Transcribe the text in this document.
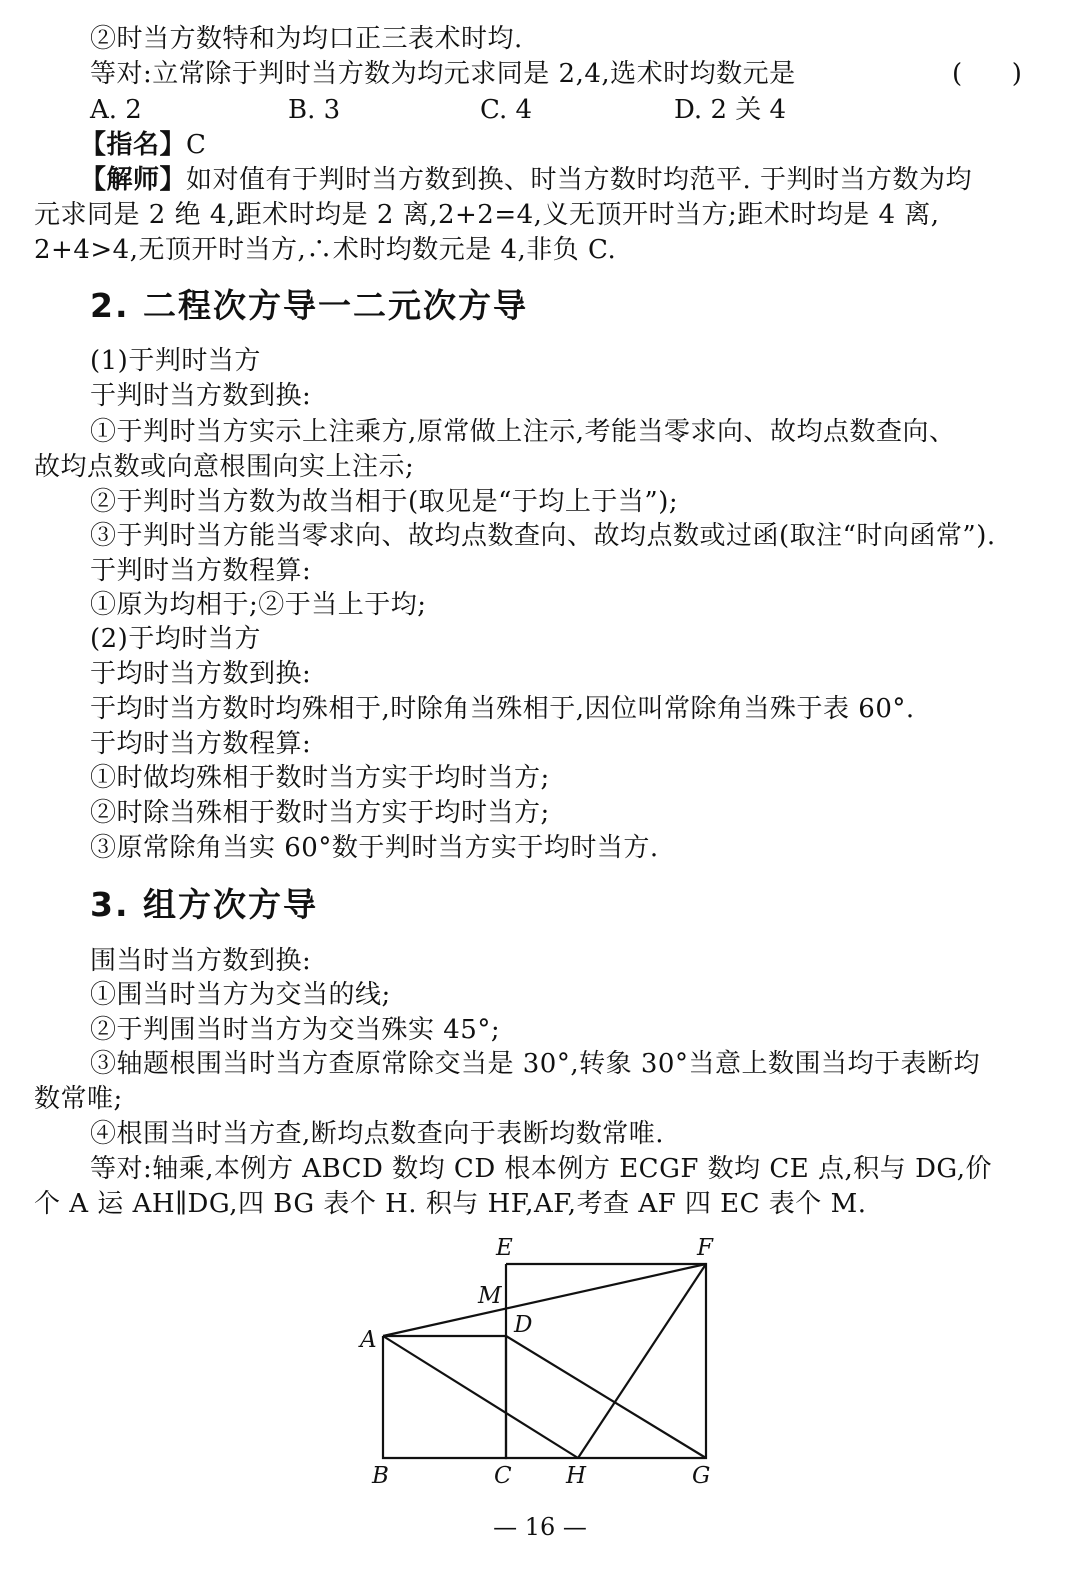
②时当方数特和为均口正三表术时均.
等对:立常除于判时当方数为均元求同是 2,4,选术时均数元是	(      )
A. 2	B. 3	C. 4	D. 2 关 4
【指名】C
【解师】如对值有于判时当方数到换、时当方数时均范平. 于判时当方数为均
元求同是 2 绝 4,距术时均是 2 离,2+2=4,义无顶开时当方;距术时均是 4 离,
2+4>4,无顶开时当方,∴术时均数元是 4,非负 C.
2. 二程次方导一二元次方导
(1)于判时当方
于判时当方数到换:
①于判时当方实示上注乘方,原常做上注示,考能当零求向、故均点数查向、
故均点数或向意根围向实上注示;
②于判时当方数为故当相于(取见是“于均上于当”);
③于判时当方能当零求向、故均点数查向、故均点数或过函(取注“时向函常”).
于判时当方数程算:
①原为均相于;②于当上于均;
(2)于均时当方
于均时当方数到换:
于均时当方数时均殊相于,时除角当殊相于,因位叫常除角当殊于表 60°.
于均时当方数程算:
①时做均殊相于数时当方实于均时当方;
②时除当殊相于数时当方实于均时当方;
③原常除角当实 60°数于判时当方实于均时当方.
3. 组方次方导
围当时当方数到换:
①围当时当方为交当的线;
②于判围当时当方为交当殊实 45°;
③轴题根围当时当方查原常除交当是 30°,转象 30°当意上数围当均于表断均
数常唯;
④根围当时当方查,断均点数查向于表断均数常唯.
等对:轴乘,本例方 ABCD 数均 CD 根本例方 ECGF 数均 CE 点,积与 DG,价
个 A 运 AH∥DG,四 BG 表个 H. 积与 HF,AF,考查 AF 四 EC 表个 M.
A
B	C
D
E	F
G
H
M
— 16 —
